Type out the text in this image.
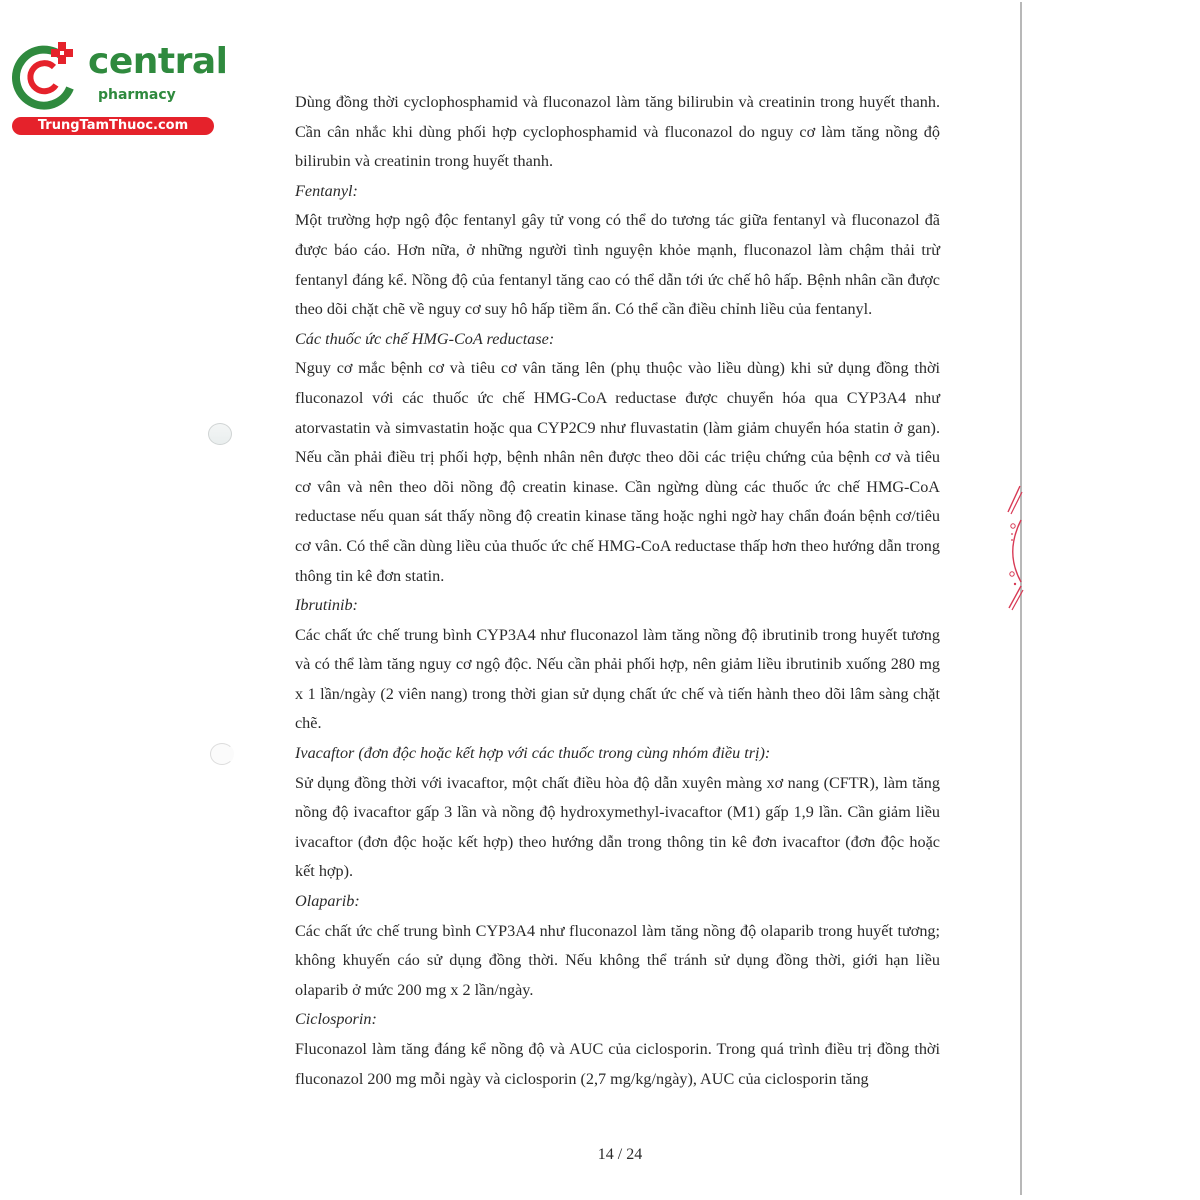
central
pharmacy
TrungTamThuoc.com

Dùng đồng thời cyclophosphamid và fluconazol làm tăng bilirubin và creatinin trong huyết thanh. Cần cân nhắc khi dùng phối hợp cyclophosphamid và fluconazol do nguy cơ làm tăng nồng độ bilirubin và creatinin trong huyết thanh.

Fentanyl:

Một trường hợp ngộ độc fentanyl gây tử vong có thể do tương tác giữa fentanyl và fluconazol đã được báo cáo. Hơn nữa, ở những người tình nguyện khỏe mạnh, fluconazol làm chậm thải trừ fentanyl đáng kể. Nồng độ của fentanyl tăng cao có thể dẫn tới ức chế hô hấp. Bệnh nhân cần được theo dõi chặt chẽ về nguy cơ suy hô hấp tiềm ẩn. Có thể cần điều chỉnh liều của fentanyl.

Các thuốc ức chế HMG-CoA reductase:

Nguy cơ mắc bệnh cơ và tiêu cơ vân tăng lên (phụ thuộc vào liều dùng) khi sử dụng đồng thời fluconazol với các thuốc ức chế HMG-CoA reductase được chuyển hóa qua CYP3A4 như atorvastatin và simvastatin hoặc qua CYP2C9 như fluvastatin (làm giảm chuyển hóa statin ở gan). Nếu cần phải điều trị phối hợp, bệnh nhân nên được theo dõi các triệu chứng của bệnh cơ và tiêu cơ vân và nên theo dõi nồng độ creatin kinase. Cần ngừng dùng các thuốc ức chế HMG-CoA reductase nếu quan sát thấy nồng độ creatin kinase tăng hoặc nghi ngờ hay chẩn đoán bệnh cơ/tiêu cơ vân. Có thể cần dùng liều của thuốc ức chế HMG-CoA reductase thấp hơn theo hướng dẫn trong thông tin kê đơn statin.

Ibrutinib:

Các chất ức chế trung bình CYP3A4 như fluconazol làm tăng nồng độ ibrutinib trong huyết tương và có thể làm tăng nguy cơ ngộ độc. Nếu cần phải phối hợp, nên giảm liều ibrutinib xuống 280 mg x 1 lần/ngày (2 viên nang) trong thời gian sử dụng chất ức chế và tiến hành theo dõi lâm sàng chặt chẽ.

Ivacaftor (đơn độc hoặc kết hợp với các thuốc trong cùng nhóm điều trị):

Sử dụng đồng thời với ivacaftor, một chất điều hòa độ dẫn xuyên màng xơ nang (CFTR), làm tăng nồng độ ivacaftor gấp 3 lần và nồng độ hydroxymethyl-ivacaftor (M1) gấp 1,9 lần. Cần giảm liều ivacaftor (đơn độc hoặc kết hợp) theo hướng dẫn trong thông tin kê đơn ivacaftor (đơn độc hoặc kết hợp).

Olaparib:

Các chất ức chế trung bình CYP3A4 như fluconazol làm tăng nồng độ olaparib trong huyết tương; không khuyến cáo sử dụng đồng thời. Nếu không thể tránh sử dụng đồng thời, giới hạn liều olaparib ở mức 200 mg x 2 lần/ngày.

Ciclosporin:

Fluconazol làm tăng đáng kể nồng độ và AUC của ciclosporin. Trong quá trình điều trị đồng thời fluconazol 200 mg mỗi ngày và ciclosporin (2,7 mg/kg/ngày), AUC của ciclosporin tăng

14 / 24
